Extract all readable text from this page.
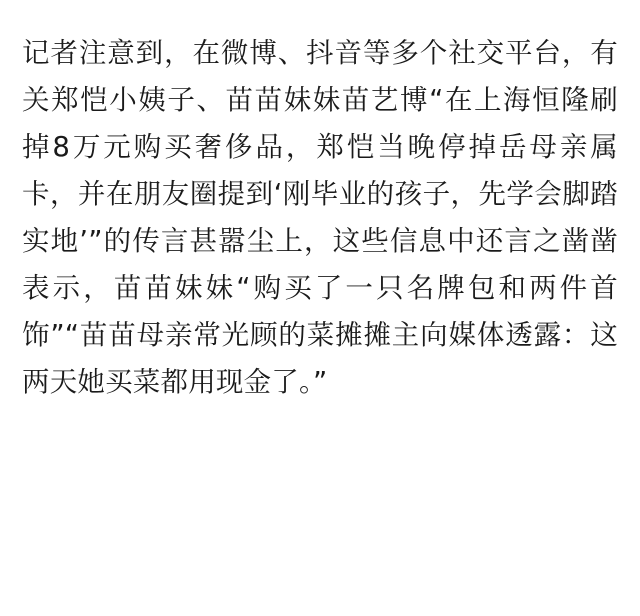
记者注意到，在微博、抖音等多个社交平台，有关郑恺小姨子、苗苗妹妹苗艺博“在上海恒隆刷掉8万元购买奢侈品，郑恺当晚停掉岳母亲属卡，并在朋友圈提到‘刚毕业的孩子，先学会脚踏实地’”的传言甚嚣尘上，这些信息中还言之凿凿表示，苗苗妹妹“购买了一只名牌包和两件首饰”“苗苗母亲常光顾的菜摊摊主向媒体透露：这两天她买菜都用现金了。”
